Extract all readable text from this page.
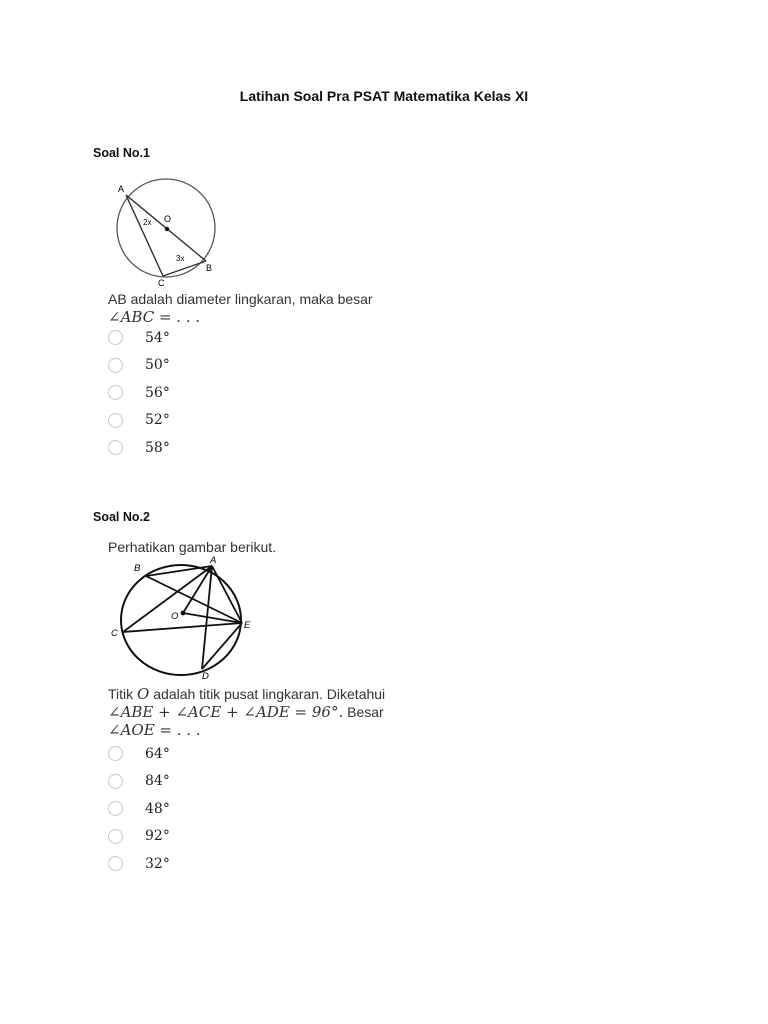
Latihan Soal Pra PSAT Matematika Kelas XI
Soal No.1
A
O
2x
3x
B
C
AB adalah diameter lingkaran, maka besar
∠ABC = . . .
54°
50°
56°
52°
58°
Soal No.2
Perhatikan gambar berikut.
B
A
C
O
E
D
Titik O adalah titik pusat lingkaran. Diketahui
∠ABE + ∠ACE + ∠ADE = 96°. Besar
∠AOE = . . .
64°
84°
48°
92°
32°
